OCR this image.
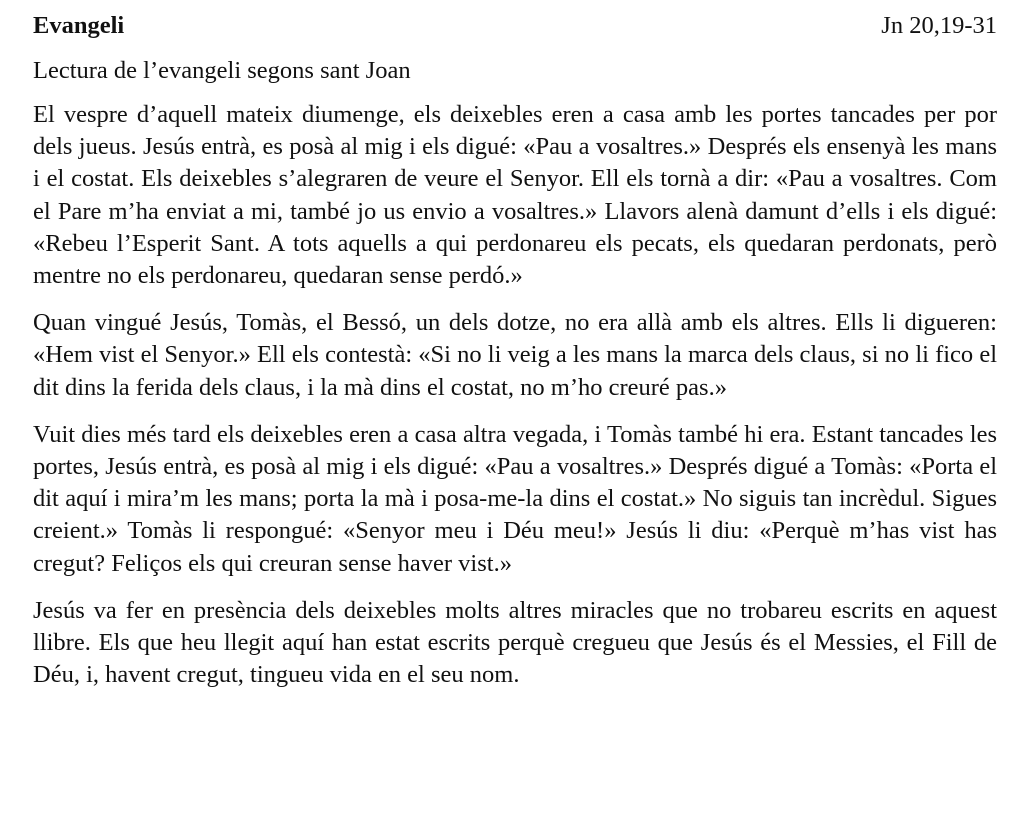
Evangeli	Jn 20,19-31
Lectura de l’evangeli segons sant Joan

El vespre d’aquell mateix diumenge, els deixebles eren a casa amb les portes tancades per por dels jueus. Jesús entrà, es posà al mig i els digué: «Pau a vosaltres.» Després els ensenyà les mans i el costat. Els deixebles s’alegraren de veure el Senyor. Ell els tornà a dir: «Pau a vosaltres. Com el Pare m’ha enviat a mi, també jo us envio a vosaltres.» Llavors alenà damunt d’ells i els digué: «Rebeu l’Esperit Sant. A tots aquells a qui perdonareu els pecats, els quedaran perdonats, però mentre no els perdonareu, quedaran sense perdó.»

Quan vingué Jesús, Tomàs, el Bessó, un dels dotze, no era allà amb els altres. Ells li digueren: «Hem vist el Senyor.» Ell els contestà: «Si no li veig a les mans la marca dels claus, si no li fico el dit dins la ferida dels claus, i la mà dins el costat, no m’ho creuré pas.»

Vuit dies més tard els deixebles eren a casa altra vegada, i Tomàs també hi era. Estant tancades les portes, Jesús entrà, es posà al mig i els digué: «Pau a vosaltres.» Després digué a Tomàs: «Porta el dit aquí i mira’m les mans; porta la mà i posa-me-la dins el costat.» No siguis tan incrèdul. Sigues creient.» Tomàs li respongué: «Senyor meu i Déu meu!» Jesús li diu: «Perquè m’has vist has cregut? Feliços els qui creuran sense haver vist.»

Jesús va fer en presència dels deixebles molts altres miracles que no trobareu escrits en aquest llibre. Els que heu llegit aquí han estat escrits perquè cregueu que Jesús és el Messies, el Fill de Déu, i, havent cregut, tingueu vida en el seu nom.
